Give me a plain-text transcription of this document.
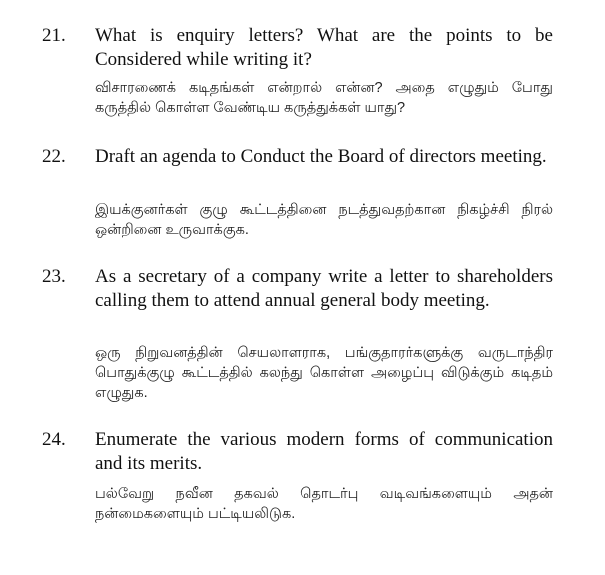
21. What is enquiry letters? What are the points to be Considered while writing it?
விசாரணைக் கடிதங்கள் என்றால் என்ன? அதை எழுதும் போது கருத்தில் கொள்ள வேண்டிய கருத்துக்கள் யாது?
22. Draft an agenda to Conduct the Board of directors meeting.
இயக்குனர்கள் குழு கூட்டத்தினை நடத்துவதற்கான நிகழ்ச்சி நிரல் ஒன்றினை உருவாக்குக.
23. As a secretary of a company write a letter to shareholders calling them to attend annual general body meeting.
ஒரு நிறுவனத்தின் செயலாளராக, பங்குதாரர்களுக்கு வருடாந்திர பொதுக்குழு கூட்டத்தில் கலந்து கொள்ள அழைப்பு விடுக்கும் கடிதம் எழுதுக.
24. Enumerate the various modern forms of communication and its merits.
பல்வேறு நவீன தகவல் தொடர்பு வடிவங்களையும் அதன் நன்மைகளையும் பட்டியலிடுக.
